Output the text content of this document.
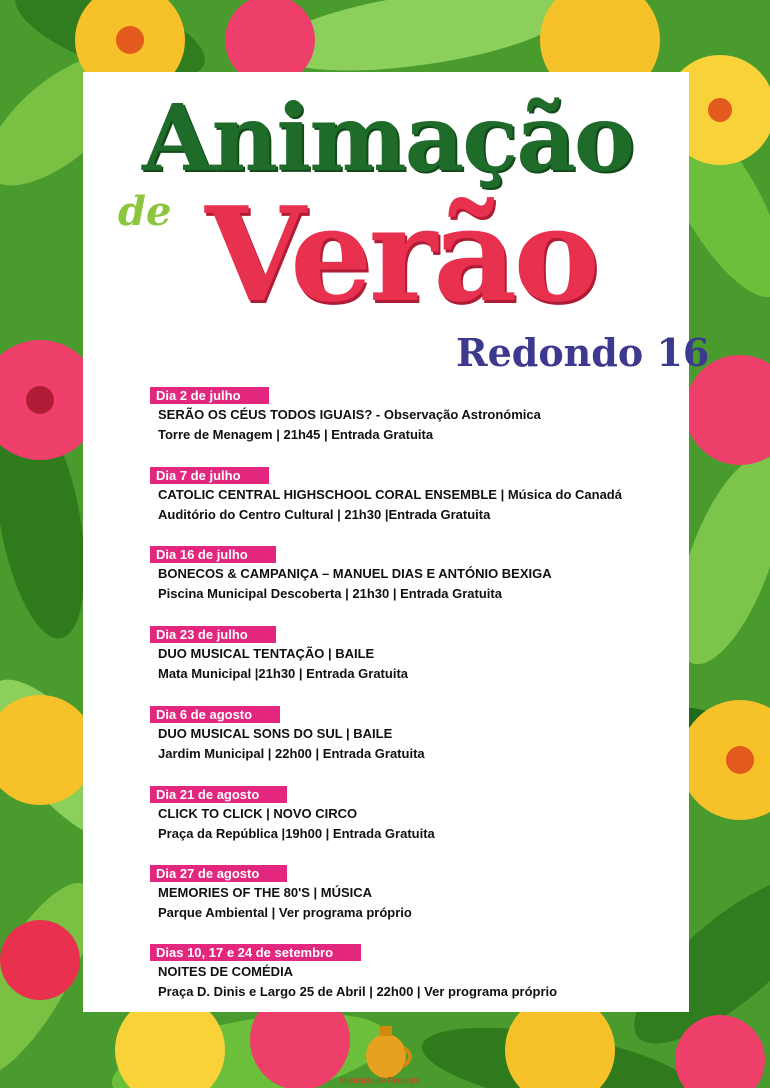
Animação
de Verão
Redondo 16
Dia 2 de julho
SERÃO OS CÉUS TODOS IGUAIS? - Observação Astronómica
Torre de Menagem | 21h45 | Entrada Gratuita
Dia 7 de julho
CATOLIC CENTRAL HIGHSCHOOL CORAL ENSEMBLE | Música do Canadá
Auditório do Centro Cultural | 21h30 |Entrada Gratuita
Dia 16 de julho
BONECOS & CAMPANIÇA – MANUEL DIAS E ANTÓNIO BEXIGA
Piscina Municipal Descoberta | 21h30 | Entrada Gratuita
Dia 23 de julho
DUO MUSICAL TENTAÇÃO | BAILE
Mata Municipal |21h30 | Entrada Gratuita
Dia 6 de agosto
DUO MUSICAL SONS DO SUL | BAILE
Jardim Municipal | 22h00 | Entrada Gratuita
Dia 21 de agosto
CLICK TO CLICK | NOVO CIRCO
Praça da República |19h00 | Entrada Gratuita
Dia 27 de agosto
MEMORIES OF THE 80'S | MÚSICA
Parque Ambiental | Ver programa próprio
Dias 10, 17 e 24 de setembro
NOITES DE COMÉDIA
Praça D. Dinis e Largo 25 de Abril | 22h00 | Ver programa próprio
Município de Redondo
